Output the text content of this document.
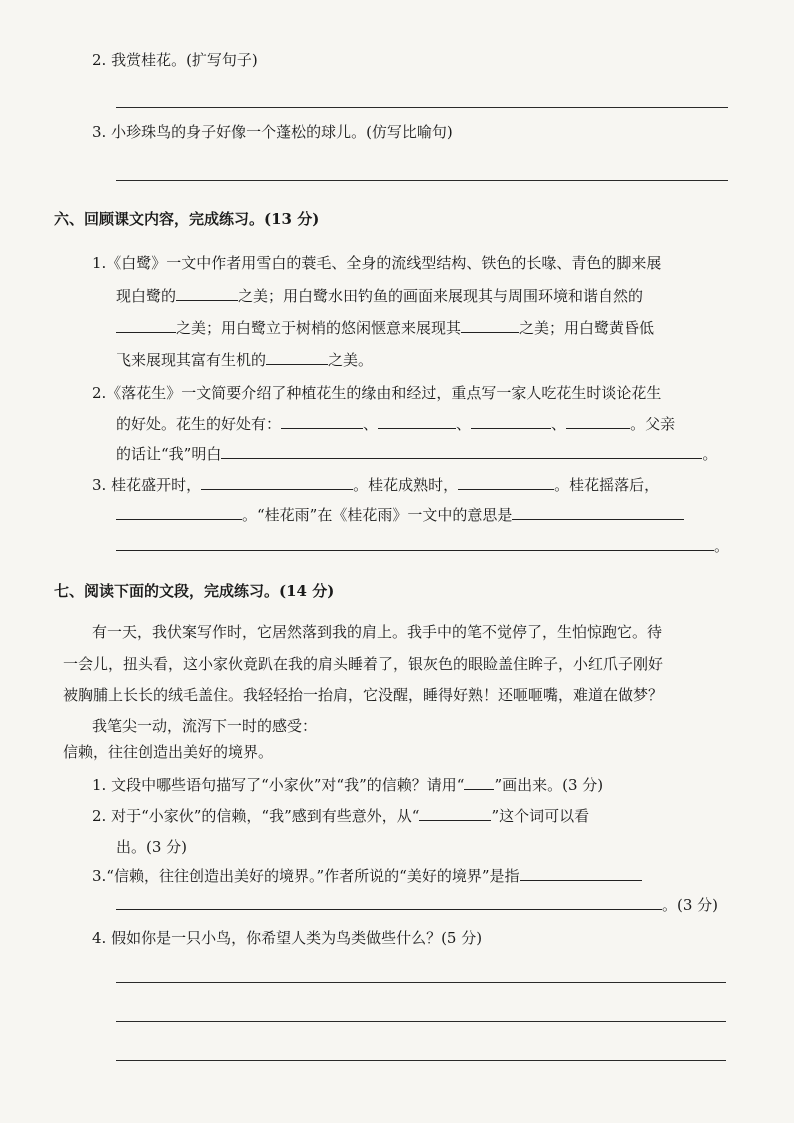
2. 我赏桂花。(扩写句子)
3. 小珍珠鸟的身子好像一个蓬松的球儿。(仿写比喻句)
六、回顾课文内容，完成练习。(13 分)
1.《白鹭》一文中作者用雪白的蓑毛、全身的流线型结构、铁色的长喙、青色的脚来展
现白鹭的	之美；用白鹭水田钓鱼的画面来展现其与周围环境和谐自然的
之美；用白鹭立于树梢的悠闲惬意来展现其	之美；用白鹭黄昏低
飞来展现其富有生机的	之美。
2.《落花生》一文简要介绍了种植花生的缘由和经过，重点写一家人吃花生时谈论花生
的好处。花生的好处有：	、	、	、	。父亲
的话让“我”明白	。
3. 桂花盛开时，	。桂花成熟时，	。桂花摇落后，
。“桂花雨”在《桂花雨》一文中的意思是
。
七、阅读下面的文段，完成练习。(14 分)
有一天，我伏案写作时，它居然落到我的肩上。我手中的笔不觉停了，生怕惊跑它。待
一会儿，扭头看，这小家伙竟趴在我的肩头睡着了，银灰色的眼睑盖住眸子，小红爪子刚好
被胸脯上长长的绒毛盖住。我轻轻抬一抬肩，它没醒，睡得好熟！还咂咂嘴，难道在做梦？
我笔尖一动，流泻下一时的感受：
信赖，往往创造出美好的境界。
1. 文段中哪些语句描写了“小家伙”对“我”的信赖？请用“ ”画出来。(3 分)
2. 对于“小家伙”的信赖，“我”感到有些意外，从“	”这个词可以看
出。(3 分)
3.“信赖，往往创造出美好的境界。”作者所说的“美好的境界”是指
。(3 分)
4. 假如你是一只小鸟，你希望人类为鸟类做些什么？(5 分)
